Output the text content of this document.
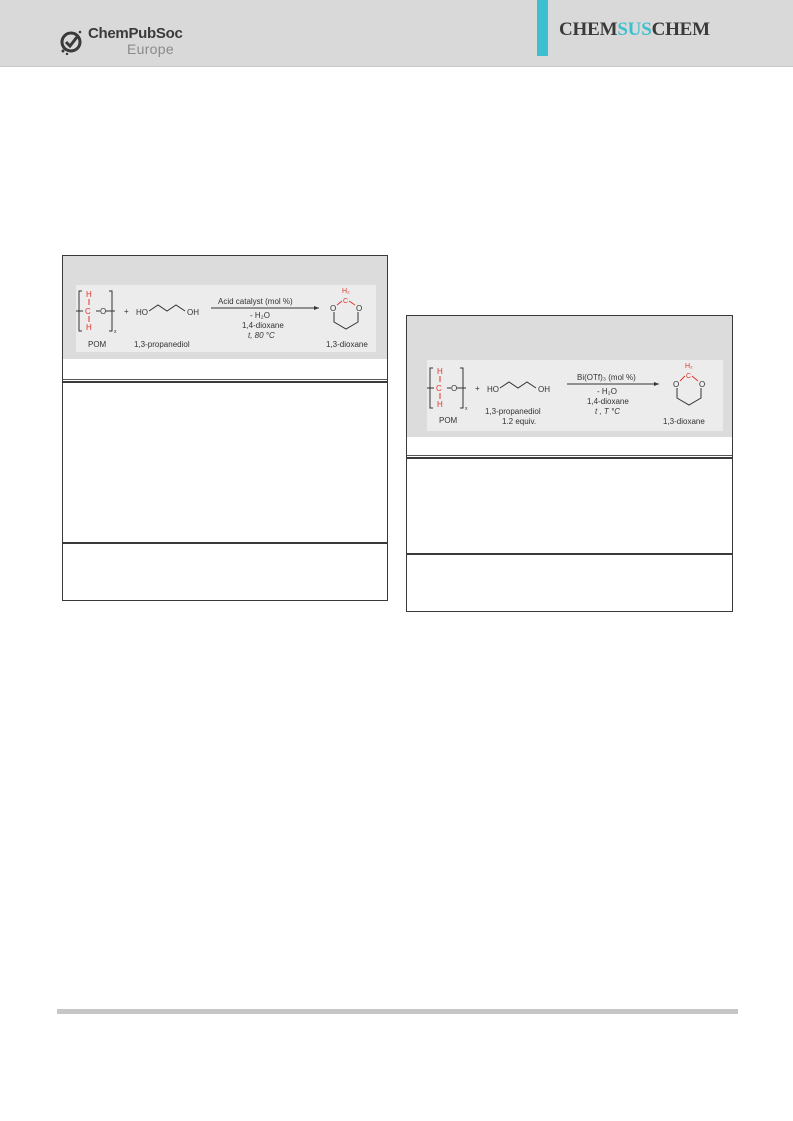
ChemPubSoc
Europe
CHEMSUSCHEM
H
C
H
O
x
POM
+ HO	OH
1,3-propanediol
Acid catalyst (mol %)
- H₂O
1,4-dioxane
t, 80 °C
H₂
C
O O
1,3-dioxane
H
C
H
O
x
POM
+ HO	OH
1,3-propanediol
1.2 equiv.
Bi(OTf)₃ (mol %)
- H₂O
1,4-dioxane
t , T °C
H₂
C
O O
1,3-dioxane
